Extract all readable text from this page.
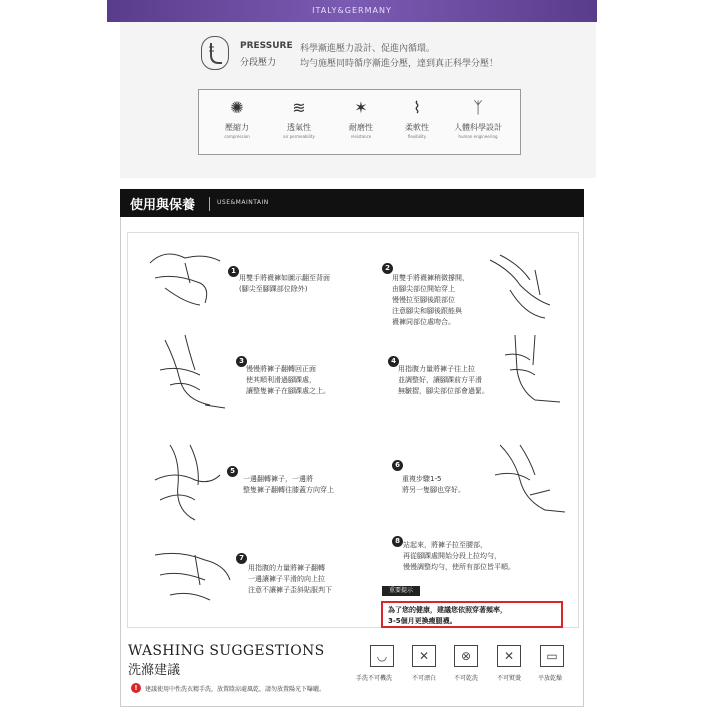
ITALY&GERMANY
PRESSURE
分段壓力
科學漸進壓力設計、促進內循環。
均勻施壓同時循序漸進分壓，達到真正科學分壓！
✺
壓縮力
compression
≋
透氣性
air permeability
✶
耐磨性
resistance
⌇
柔軟性
flexibility
ᛉ
人體科學設計
human engineering
使用與保養	USE&MAINTAIN
1
用雙手將襪褲如圖示翻至背面
(腳尖至腳踝部位除外)
2
用雙手將襪褲稍微撐開，
由腳尖部位開始穿上
慢慢拉至腳後跟部位
注意腳尖和腳後跟能與
襪褲同部位處吻合。
3
慢慢將褲子翻轉回正面
使其順利滑過腳踝處，
讓整隻褲子在腳踝處之上。
4
用指腹力量將褲子往上拉
並調整好，讓腳踝前方平滑
無皺摺，腳尖部位部會過緊。
5
一邊翻轉褲子，一邊將
整隻褲子翻轉往膝蓋方向穿上
6
重複步驟1-5
將另一隻腳也穿好。
8 站起來，將褲子拉至腰部，
再從腳踝處開始分段上拉均勻，
慢慢調整均勻，使所有部位皆平順。
7
用指腹的力量將褲子翻轉
一邊讓褲子平滑的向上拉
注意不讓褲子歪斜貼服判下	重要提示
為了您的健康，建議您依照穿著頻率，
3-5個月更換瘦腿襪。
WASHING SUGGESTIONS
洗滌建議
◡	✕	⊗	✕	▭
手洗不可機洗	不可漂白	不可乾洗	不可熨燙	平放乾燥
!	建議使用中性洗衣精手洗，放置陰涼處風乾，請勿放置陽光下曝曬。
